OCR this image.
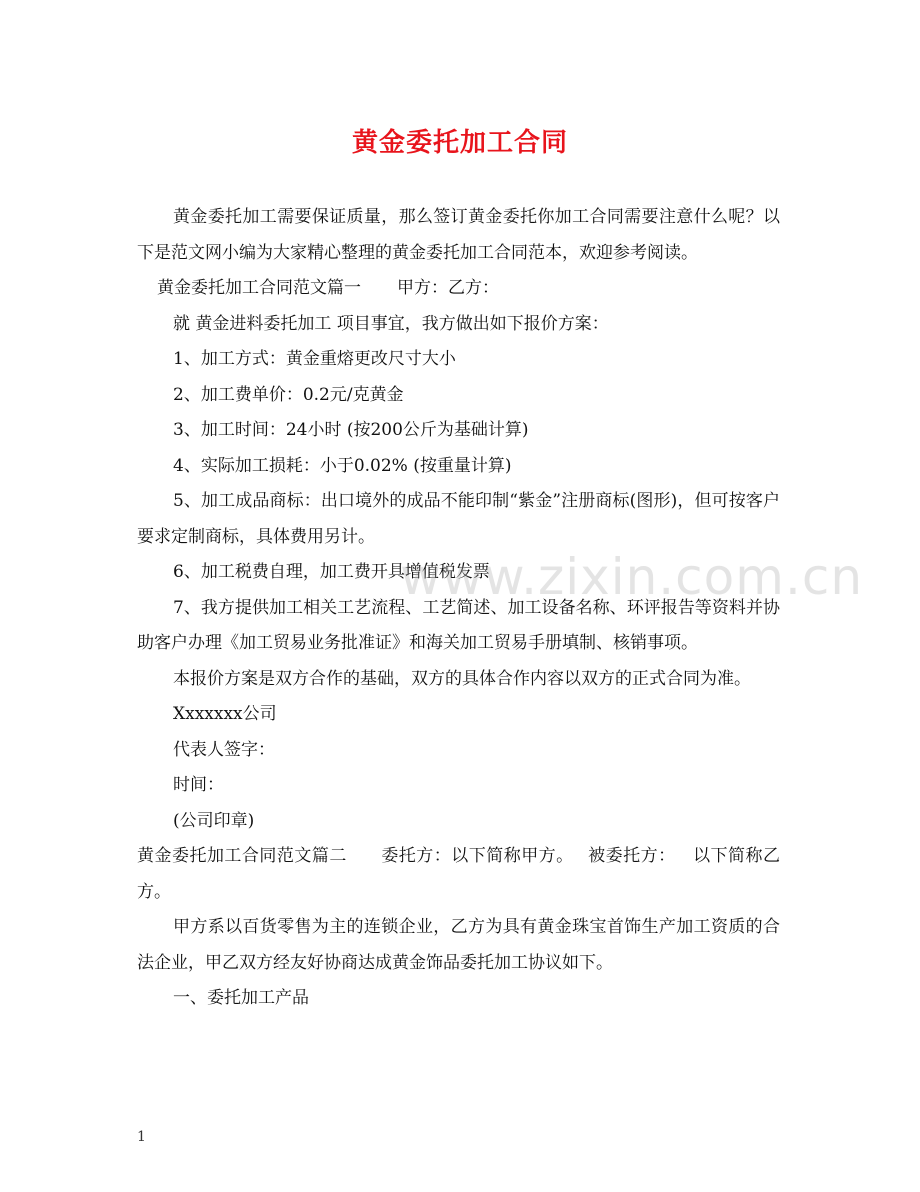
黄金委托加工合同

黄金委托加工需要保证质量，那么签订黄金委托你加工合同需要注意什么呢？以下是范文网小编为大家精心整理的黄金委托加工合同范本，欢迎参考阅读。

黄金委托加工合同范文篇一 甲方：乙方：

就 黄金进料委托加工 项目事宜，我方做出如下报价方案：

1、加工方式：黄金重熔更改尺寸大小

2、加工费单价：0.2元/克黄金

3、加工时间：24小时 (按200公斤为基础计算)

4、实际加工损耗：小于0.02% (按重量计算)

5、加工成品商标：出口境外的成品不能印制“紫金”注册商标(图形)，但可按客户要求定制商标，具体费用另计。

6、加工税费自理，加工费开具增值税发票

7、我方提供加工相关工艺流程、工艺简述、加工设备名称、环评报告等资料并协助客户办理《加工贸易业务批准证》和海关加工贸易手册填制、核销事项。

本报价方案是双方合作的基础，双方的具体合作内容以双方的正式合同为准。

Xxxxxxx公司

代表人签字：

时间：

(公司印章)

黄金委托加工合同范文篇二 委托方：以下简称甲方。 被委托方： 以下简称乙方。

甲方系以百货零售为主的连锁企业，乙方为具有黄金珠宝首饰生产加工资质的合法企业，甲乙双方经友好协商达成黄金饰品委托加工协议如下。

一、委托加工产品

www.zixin.com.cn
1
